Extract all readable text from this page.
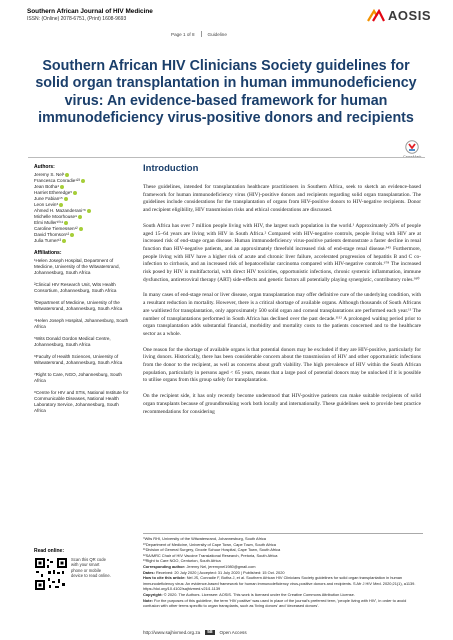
Southern African Journal of HIV Medicine
ISSN: (Online) 2078-6751, (Print) 1608-9693	AOSIS
Page 1 of 8	Guideline
Southern African HIV Clinicians Society guidelines for solid organ transplantation in human immunodeficiency virus: An evidence-based framework for human immunodeficiency virus-positive donors and recipients
Authors:
Jeremy S. Nel¹
Francesca Conradie¹²³
Jean Botha⁴
Harriet Etheredge⁵
June Fabian¹⁵
Leon Levin⁶
Ahmed H. Mazanderani⁷⁸
Michelle Moorhouse⁹
Elmi Muller¹⁰¹¹
Caroline Tiemessen¹²
David Thomson¹²
Julia Turner¹³
Affiliations:

¹Helen Joseph Hospital, Department of Medicine, University of the Witwatersrand, Johannesburg, South Africa

²Clinical HIV Research Unit, Wits Health Consortium, Johannesburg, South Africa

³Department of Medicine, University of the Witwatersrand, Johannesburg, South Africa

⁴Helen Joseph Hospital, Johannesburg, South Africa

⁵Wits Donald Gordon Medical Centre, Johannesburg, South Africa

⁶Faculty of Health Sciences, University of Witwatersrand, Johannesburg, South Africa

⁷Right to Care, NGO, Johannesburg, South Africa

⁸Centre for HIV and STIs, National Institute for Communicable Diseases, National Health Laboratory Service, Johannesburg, South Africa

Read online:
Scan this QR code with your smart phone or mobile device to read online.
Introduction

These guidelines, intended for transplantation healthcare practitioners in Southern Africa, seek to sketch an evidence-based framework for human immunodeficiency virus (HIV)-positive donors and recipients regarding solid organ transplantation. The guidelines include considerations for the transplantation of organs from HIV-positive donors to HIV-negative recipients. Donor and recipient eligibility, HIV transmission risks and ethical considerations are discussed.

South Africa has over 7 million people living with HIV, the largest such population in the world.¹ Approximately 20% of people aged 15–64 years are living with HIV in South Africa.² Compared with HIV-negative controls, people living with HIV are at increased risk of end-stage organ disease. Human immunodeficiency virus-positive patients demonstrate a faster decline in renal function than HIV-negative patients, and an approximately threefold increased risk of end-stage renal disease.³⁴⁵ Furthermore, people living with HIV have a higher risk of acute and chronic liver failure, accelerated progression of hepatitis B and C co-infection to cirrhosis, and an increased risk of hepatocellular carcinoma compared with HIV-negative controls.⁶⁷⁸ The increased risk posed by HIV is multifactorial, with direct HIV toxicities, opportunistic infections, chronic systemic inflammation, immune dysfunction, antiretroviral therapy (ART) side-effects and genetic factors all potentially playing synergistic, contributory roles.⁹¹⁰

In many cases of end-stage renal or liver disease, organ transplantation may offer definitive cure of the underlying condition, with a resultant reduction in mortality. However, there is a critical shortage of available organs. Although thousands of South Africans are waitlisted for transplantation, only approximately 500 solid organ and corneal transplantations are performed each year.¹¹ The number of transplantations performed in South Africa has declined over the past decade.¹¹¹² A prolonged waiting period prior to organ transplantation adds substantial financial, morbidity and mortality costs to the patients concerned and to the healthcare sector as a whole.

One reason for the shortage of available organs is that potential donors may be excluded if they are HIV-positive, particularly for living donors. Historically, there has been considerable concern about the transmission of HIV and other opportunistic infections from the donor to the recipient, as well as concerns about graft viability. The high prevalence of HIV within the South African population, particularly in persons aged < 65 years, means that a large pool of potential donors may be unlocked if it is possible to utilise organs from this group safely for transplantation.

On the recipient side, it has only recently become understood that HIV-positive patients can make suitable recipients of solid organ transplants because of groundbreaking work both locally and internationally. These guidelines seek to provide best practice recommendations for considering

⁹Wits RHI, University of the Witwatersrand, Johannesburg, South Africa
¹⁰Department of Medicine, University of Cape Town, Cape Town, South Africa
¹¹Division of General Surgery, Groote Schuur Hospital, Cape Town, South Africa
¹²SA/MRC Chair of HIV Vaccine Translational Research, Pretoria, South Africa
¹³Right to Care NGO, Centurion, South Africa
Corresponding author: Jeremy Nel, jeremynel1980@gmail.com
Dates: Received: 20 July 2020 | Accepted: 31 July 2020 | Published: 15 Oct. 2020
How to cite this article: Nel JS, Conradie F, Botha J, et al. Southern African HIV Clinicians Society guidelines for solid organ transplantation in human immunodeficiency virus: An evidence-based framework for human immunodeficiency virus-positive donors and recipients. S Afr J HIV Med. 2020;21(1), a1139. https://doi.org/10.4102/sajhivmed.v21i1.1139
Copyright: © 2020. The Authors. Licensee: AOSIS. This work is licensed under the Creative Commons Attribution License.
Note: For the purposes of this guideline, the term 'HIV positive' was used in place of the journal's preferred term, 'people living with HIV', in order to avoid confusion with other terms specific to organ transplants, such as 'living donors' and 'deceased donors'.
http://www.sajhivmed.org.za	58	Open Access
